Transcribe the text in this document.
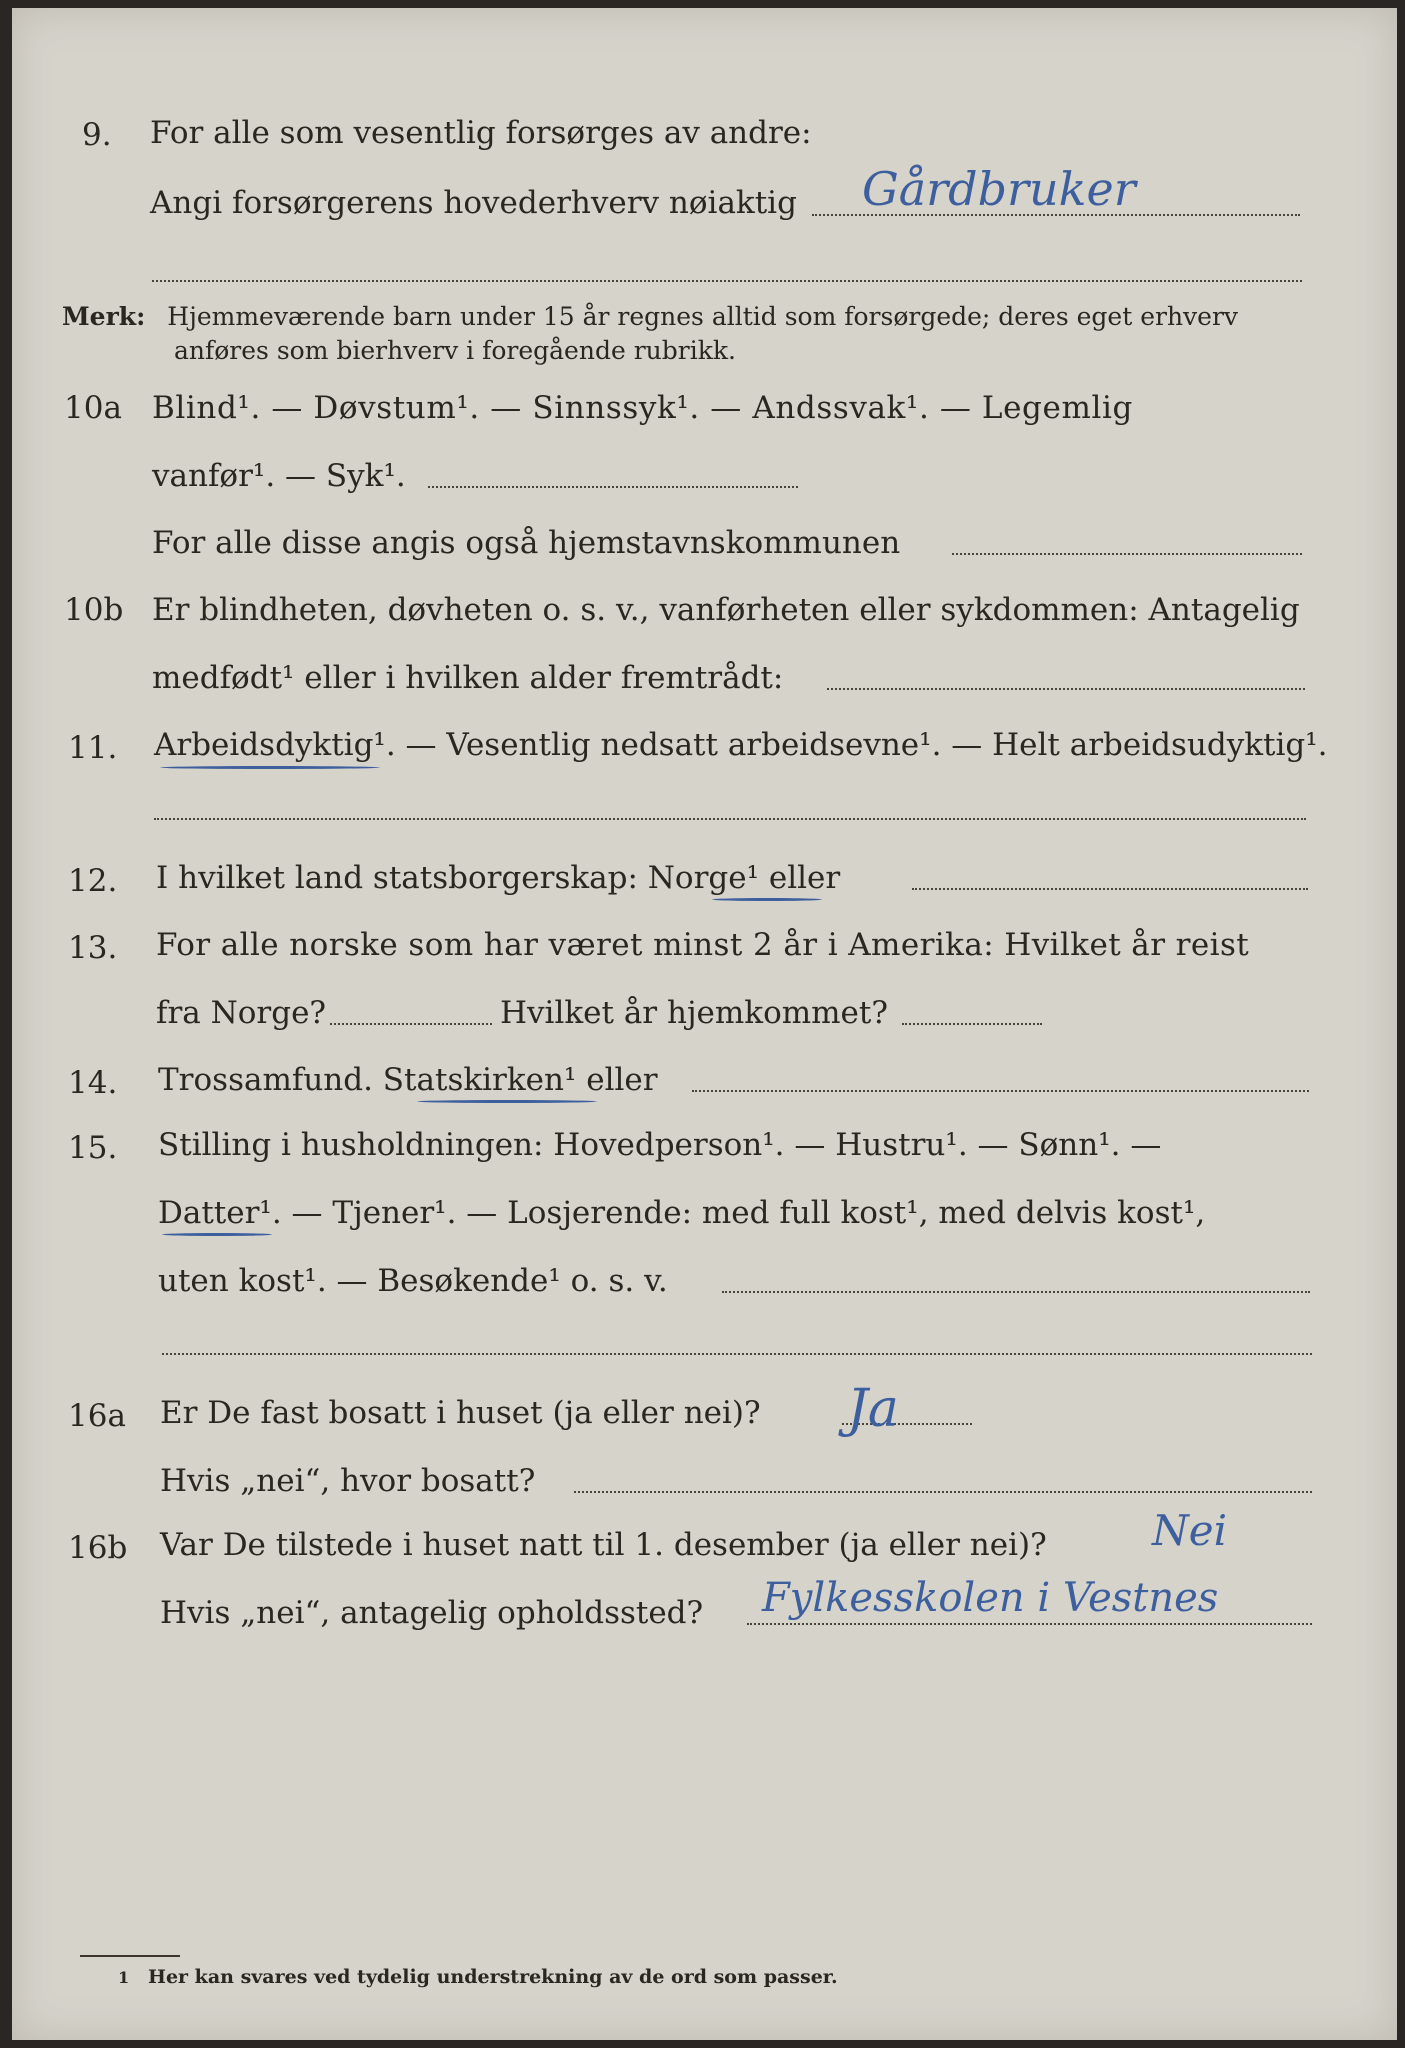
9. For alle som vesentlig forsørges av andre:
Angi forsørgerens hovederhverv nøiaktig Gårdbruker
Merk: Hjemmeværende barn under 15 år regnes alltid som forsørgede; deres eget erhverv
anføres som bierhverv i foregående rubrikk.
10a Blind¹. — Døvstum¹. — Sinnssyk¹. — Andssvak¹. — Legemlig
vanfør¹. — Syk¹.
For alle disse angis også hjemstavnskommunen
10b Er blindheten, døvheten o. s. v., vanførheten eller sykdommen: Antagelig
medfødt¹ eller i hvilken alder fremtrådt:
11. Arbeidsdyktig¹. — Vesentlig nedsatt arbeidsevne¹. — Helt arbeidsudyktig¹.
12. I hvilket land statsborgerskap: Norge¹ eller
13. For alle norske som har været minst 2 år i Amerika: Hvilket år reist
fra Norge?	Hvilket år hjemkommet?
14. Trossamfund. Statskirken¹ eller
15. Stilling i husholdningen: Hovedperson¹. — Hustru¹. — Sønn¹. —
Datter¹. — Tjener¹. — Losjerende: med full kost¹, med delvis kost¹,
uten kost¹. — Besøkende¹ o. s. v.
16a Er De fast bosatt i huset (ja eller nei)? Ja
Hvis „nei“, hvor bosatt?
16b Var De tilstede i huset natt til 1. desember (ja eller nei)?	Nei
Hvis „nei“, antagelig opholdssted? Fylkesskolen i Vestnes
1 Her kan svares ved tydelig understrekning av de ord som passer.
